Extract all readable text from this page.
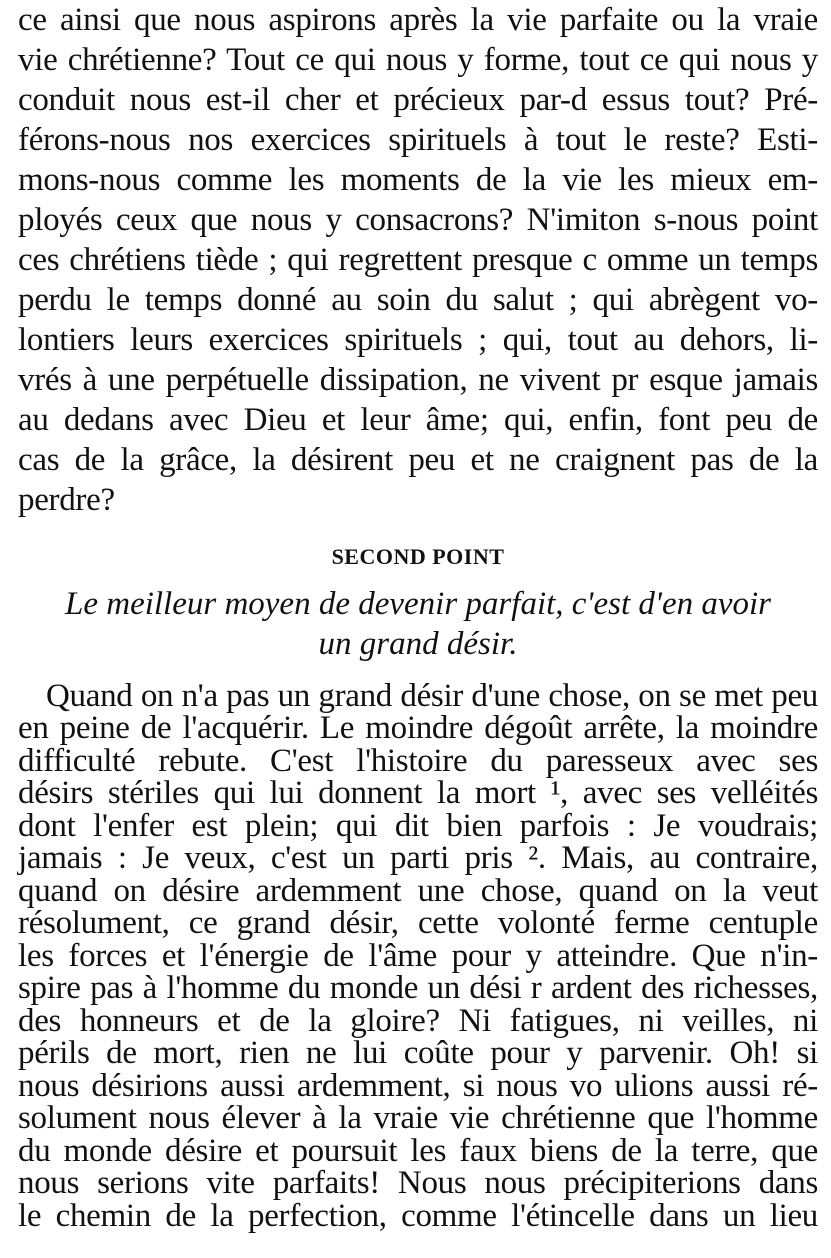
ce ainsi que nous aspirons après la vie parfaite ou la vraie
vie chrétienne? Tout ce qui nous y forme, tout ce qui nous y
conduit nous est-il cher et précieux par-d essus tout? Pré-
férons-nous nos exercices spirituels à tout le reste? Esti-
mons-nous comme les moments de la vie les mieux em-
ployés ceux que nous y consacrons? N'imiton s-nous point
ces chrétiens tiède ; qui regrettent presque c omme un temps
perdu le temps donné au soin du salut ; qui abrègent vo-
lontiers leurs exercices spirituels ; qui, tout au dehors, li-
vrés à une perpétuelle dissipation, ne vivent pr esque jamais
au dedans avec Dieu et leur âme; qui, enfin, font peu de
cas de la grâce, la désirent peu et ne craignent pas de la
perdre?
SECOND POINT
Le meilleur moyen de devenir parfait, c'est d'en avoir
un grand désir.
Quand on n'a pas un grand désir d'une chose, on se met peu
en peine de l'acquérir. Le moindre dégoût arrête, la moindre
difficulté rebute. C'est l'histoire du paresseux avec ses
désirs stériles qui lui donnent la mort ¹, avec ses velléités
dont l'enfer est plein; qui dit bien parfois : Je voudrais;
jamais : Je veux, c'est un parti pris ². Mais, au contraire,
quand on désire ardemment une chose, quand on la veut
résolument, ce grand désir, cette volonté ferme centuple
les forces et l'énergie de l'âme pour y atteindre. Que n'in-
spire pas à l'homme du monde un dési r ardent des richesses,
des honneurs et de la gloire? Ni fatigues, ni veilles, ni
périls de mort, rien ne lui coûte pour y parvenir. Oh! si
nous désirions aussi ardemment, si nous vo ulions aussi ré-
solument nous élever à la vraie vie chrétienne que l'homme
du monde désire et poursuit les faux biens de la terre, que
nous serions vite parfaits! Nous nous précipiterions dans
le chemin de la perfection, comme l'étincelle dans un lieu
